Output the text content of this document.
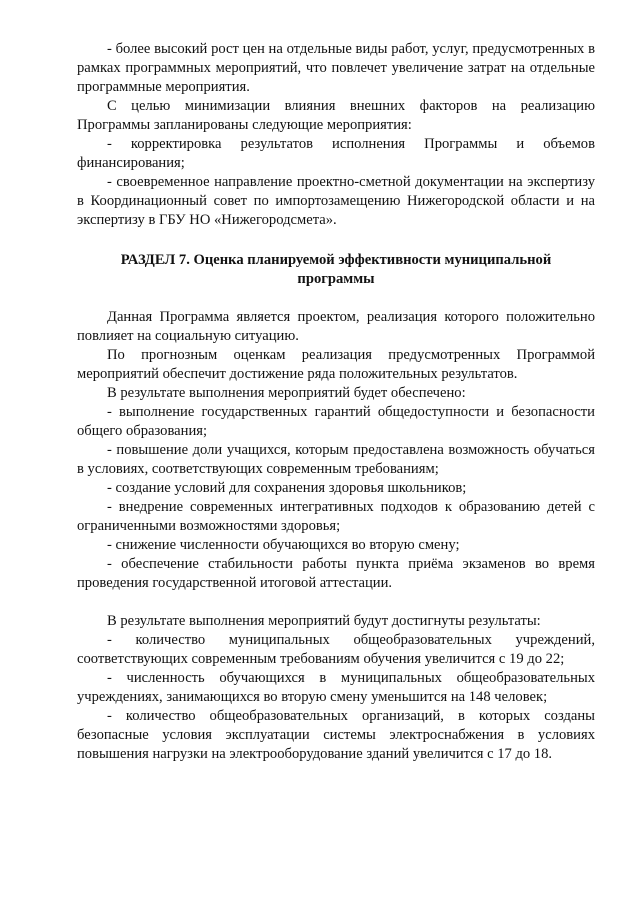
- более высокий рост цен на отдельные виды работ, услуг, предусмотренных в рамках программных мероприятий, что повлечет увеличение затрат на отдельные программные мероприятия.

С целью минимизации влияния внешних факторов на реализацию Программы запланированы следующие мероприятия:

- корректировка результатов исполнения Программы и объемов финансирования;

- своевременное направление проектно-сметной документации на экспертизу в Координационный совет по импортозамещению Нижегородской области и на экспертизу в ГБУ НО «Нижегородсмета».

РАЗДЕЛ 7. Оценка планируемой эффективности муниципальной программы

Данная Программа является проектом, реализация которого положительно повлияет на социальную ситуацию.

По прогнозным оценкам реализация предусмотренных Программой мероприятий обеспечит достижение ряда положительных результатов.

В результате выполнения мероприятий будет обеспечено:

- выполнение государственных гарантий общедоступности и безопасности общего образования;

- повышение доли учащихся, которым предоставлена возможность обучаться в условиях, соответствующих современным требованиям;

- создание условий для сохранения здоровья школьников;

- внедрение современных интегративных подходов к образованию детей с ограниченными возможностями здоровья;

- снижение численности обучающихся во вторую смену;

- обеспечение стабильности работы пункта приёма экзаменов во время проведения государственной итоговой аттестации.

В результате выполнения мероприятий будут достигнуты результаты:

- количество муниципальных общеобразовательных учреждений, соответствующих современным требованиям обучения увеличится с 19 до 22;

- численность обучающихся в муниципальных общеобразовательных учреждениях, занимающихся во вторую смену уменьшится на 148 человек;

- количество общеобразовательных организаций, в которых созданы безопасные условия эксплуатации системы электроснабжения в условиях повышения нагрузки на электрооборудование зданий увеличится с 17 до 18.
